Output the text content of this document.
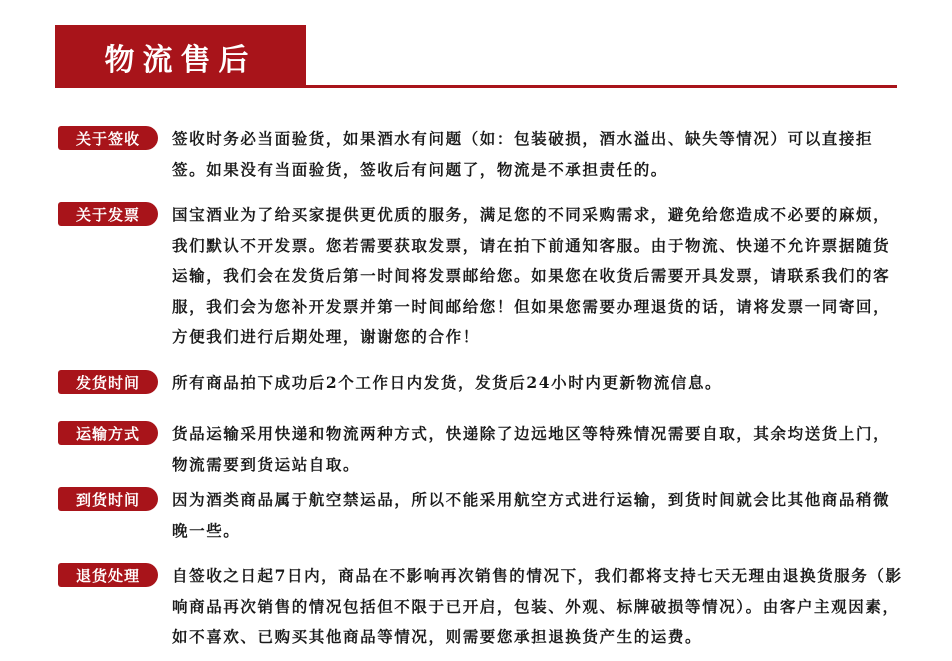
物流售后
关于签收	签收时务必当面验货，如果酒水有问题（如：包装破损，酒水溢出、缺失等情况）可以直接拒签。如果没有当面验货，签收后有问题了，物流是不承担责任的。
关于发票	国宝酒业为了给买家提供更优质的服务，满足您的不同采购需求，避免给您造成不必要的麻烦，我们默认不开发票。您若需要获取发票，请在拍下前通知客服。由于物流、快递不允许票据随货运输，我们会在发货后第一时间将发票邮给您。如果您在收货后需要开具发票，请联系我们的客服，我们会为您补开发票并第一时间邮给您！但如果您需要办理退货的话，请将发票一同寄回，方便我们进行后期处理，谢谢您的合作！
发货时间	所有商品拍下成功后2个工作日内发货，发货后24小时内更新物流信息。
运输方式	货品运输采用快递和物流两种方式，快递除了边远地区等特殊情况需要自取，其余均送货上门，物流需要到货运站自取。
到货时间	因为酒类商品属于航空禁运品，所以不能采用航空方式进行运输，到货时间就会比其他商品稍微晚一些。
退货处理	自签收之日起7日内，商品在不影响再次销售的情况下，我们都将支持七天无理由退换货服务（影响商品再次销售的情况包括但不限于已开启，包装、外观、标牌破损等情况）。由客户主观因素，如不喜欢、已购买其他商品等情况，则需要您承担退换货产生的运费。
